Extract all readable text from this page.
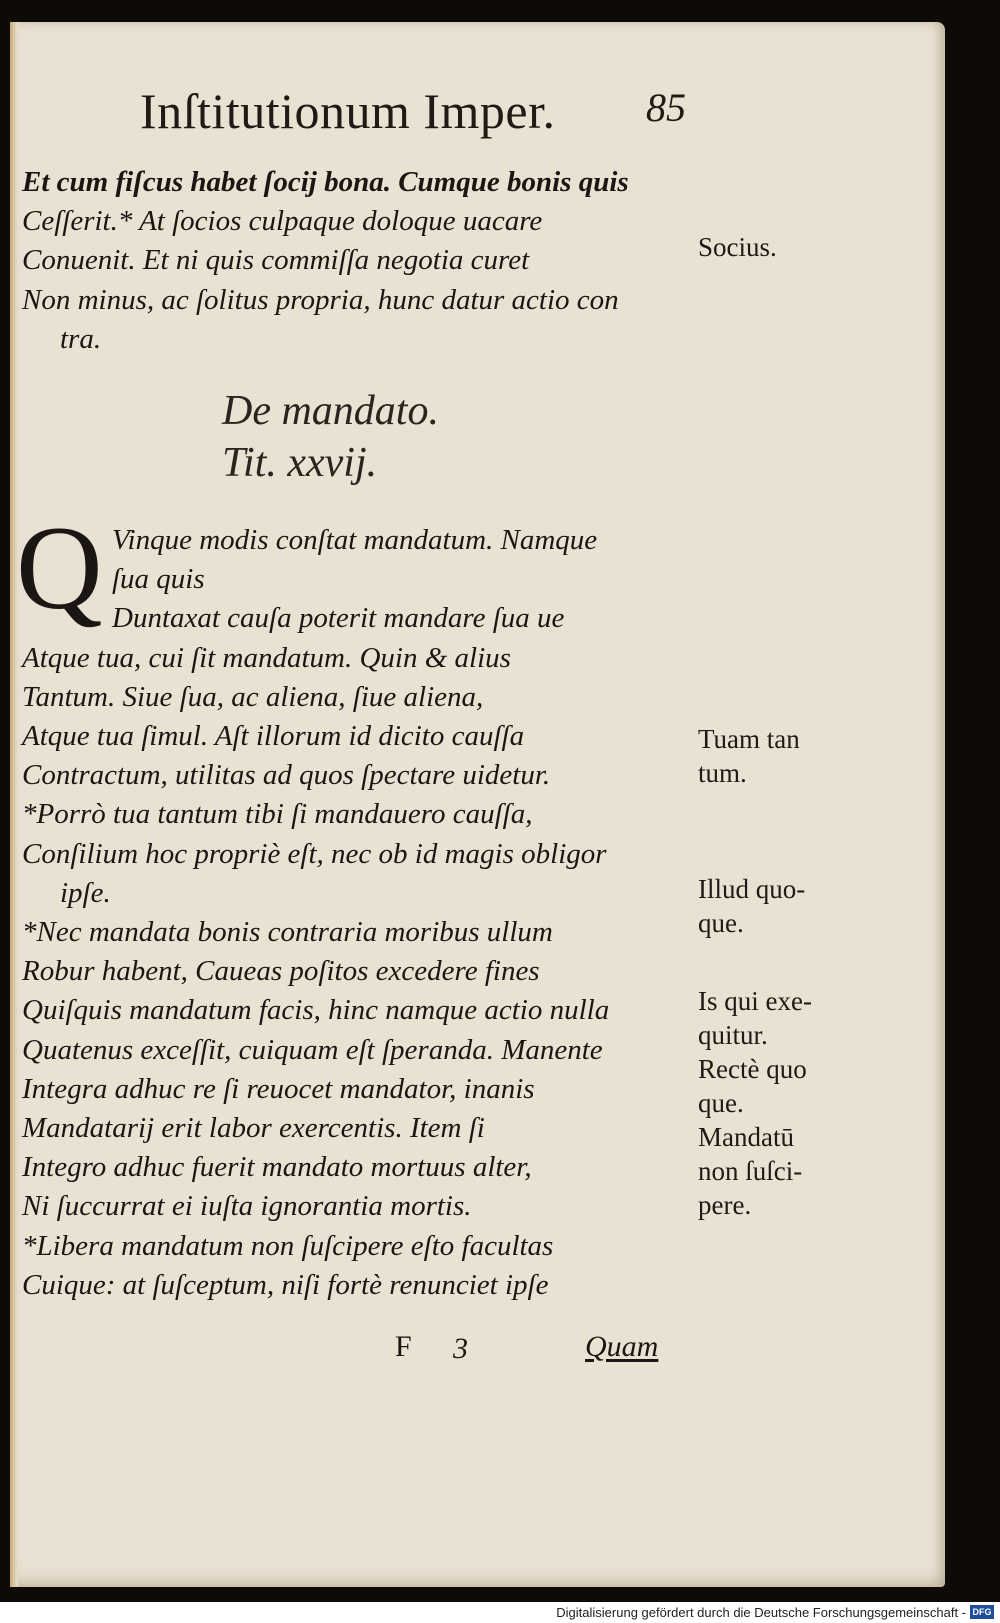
Inſtitutionum Imper. 85
Et cum fiſcus habet ſocij bona. Cumque bonis quis
Ceſſerit.* At ſocios culpaque doloque uacare
Conuenit. Et ni quis commiſſa negotia curet
Non minus, ac ſolitus propria, hunc datur actio con
tra.
De mandato.
Tit. xxvij.
Q Vinque modis conſtat mandatum. Namque
ſua quis
Duntaxat cauſa poterit mandare ſua ue
Atque tua, cui ſit mandatum. Quin & alius
Tantum. Siue ſua, ac aliena, ſiue aliena,
Atque tua ſimul. Aſt illorum id dicito cauſſa
Contractum, utilitas ad quos ſpectare uidetur.
*Porrò tua tantum tibi ſi mandauero cauſſa,
Conſilium hoc propriè eſt, nec ob id magis obligor
ipſe.
*Nec mandata bonis contraria moribus ullum
Robur habent, Caueas poſitos excedere fines
Quiſquis mandatum facis, hinc namque actio nulla
Quatenus exceſſit, cuiquam eſt ſperanda. Manente
Integra adhuc re ſi reuocet mandator, inanis
Mandatarij erit labor exercentis. Item ſi
Integro adhuc fuerit mandato mortuus alter,
Ni ſuccurrat ei iuſta ignorantia mortis.
*Libera mandatum non ſuſcipere eſto facultas
Cuique: at ſuſceptum, niſi fortè renunciet ipſe
Socius.
Tuam tan
tum.
Illud quo-
que.
Is qui exe-
quitur.
Rectè quo
que.
Mandatū
non ſuſci-
pere.
F 3	Quam
Digitalisierung gefördert durch die Deutsche Forschungsgemeinschaft - DFG
